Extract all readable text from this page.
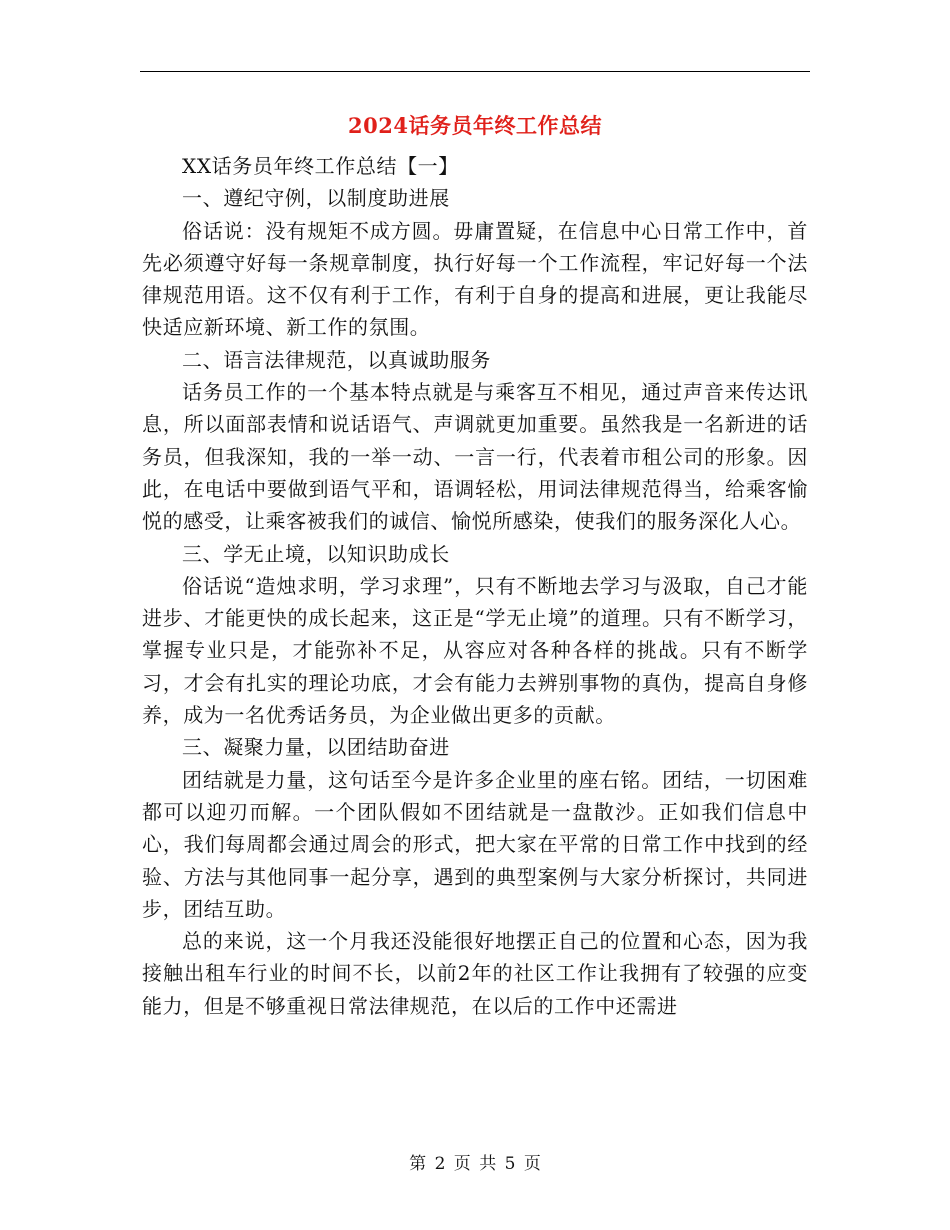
2024话务员年终工作总结

XX话务员年终工作总结【一】

一、遵纪守例，以制度助进展

俗话说：没有规矩不成方圆。毋庸置疑，在信息中心日常工作中，首先必须遵守好每一条规章制度，执行好每一个工作流程，牢记好每一个法律规范用语。这不仅有利于工作，有利于自身的提高和进展，更让我能尽快适应新环境、新工作的氛围。

二、语言法律规范，以真诚助服务

话务员工作的一个基本特点就是与乘客互不相见，通过声音来传达讯息，所以面部表情和说话语气、声调就更加重要。虽然我是一名新进的话务员，但我深知，我的一举一动、一言一行，代表着市租公司的形象。因此，在电话中要做到语气平和，语调轻松，用词法律规范得当，给乘客愉悦的感受，让乘客被我们的诚信、愉悦所感染，使我们的服务深化人心。

三、学无止境，以知识助成长

俗话说“造烛求明，学习求理”，只有不断地去学习与汲取，自己才能进步、才能更快的成长起来，这正是“学无止境”的道理。只有不断学习，掌握专业只是，才能弥补不足，从容应对各种各样的挑战。只有不断学习，才会有扎实的理论功底，才会有能力去辨别事物的真伪，提高自身修养，成为一名优秀话务员，为企业做出更多的贡献。

三、凝聚力量，以团结助奋进

团结就是力量，这句话至今是许多企业里的座右铭。团结，一切困难都可以迎刃而解。一个团队假如不团结就是一盘散沙。正如我们信息中心，我们每周都会通过周会的形式，把大家在平常的日常工作中找到的经验、方法与其他同事一起分享，遇到的典型案例与大家分析探讨，共同进步，团结互助。

总的来说，这一个月我还没能很好地摆正自己的位置和心态，因为我接触出租车行业的时间不长，以前2年的社区工作让我拥有了较强的应变能力，但是不够重视日常法律规范，在以后的工作中还需进

第 2 页 共 5 页
